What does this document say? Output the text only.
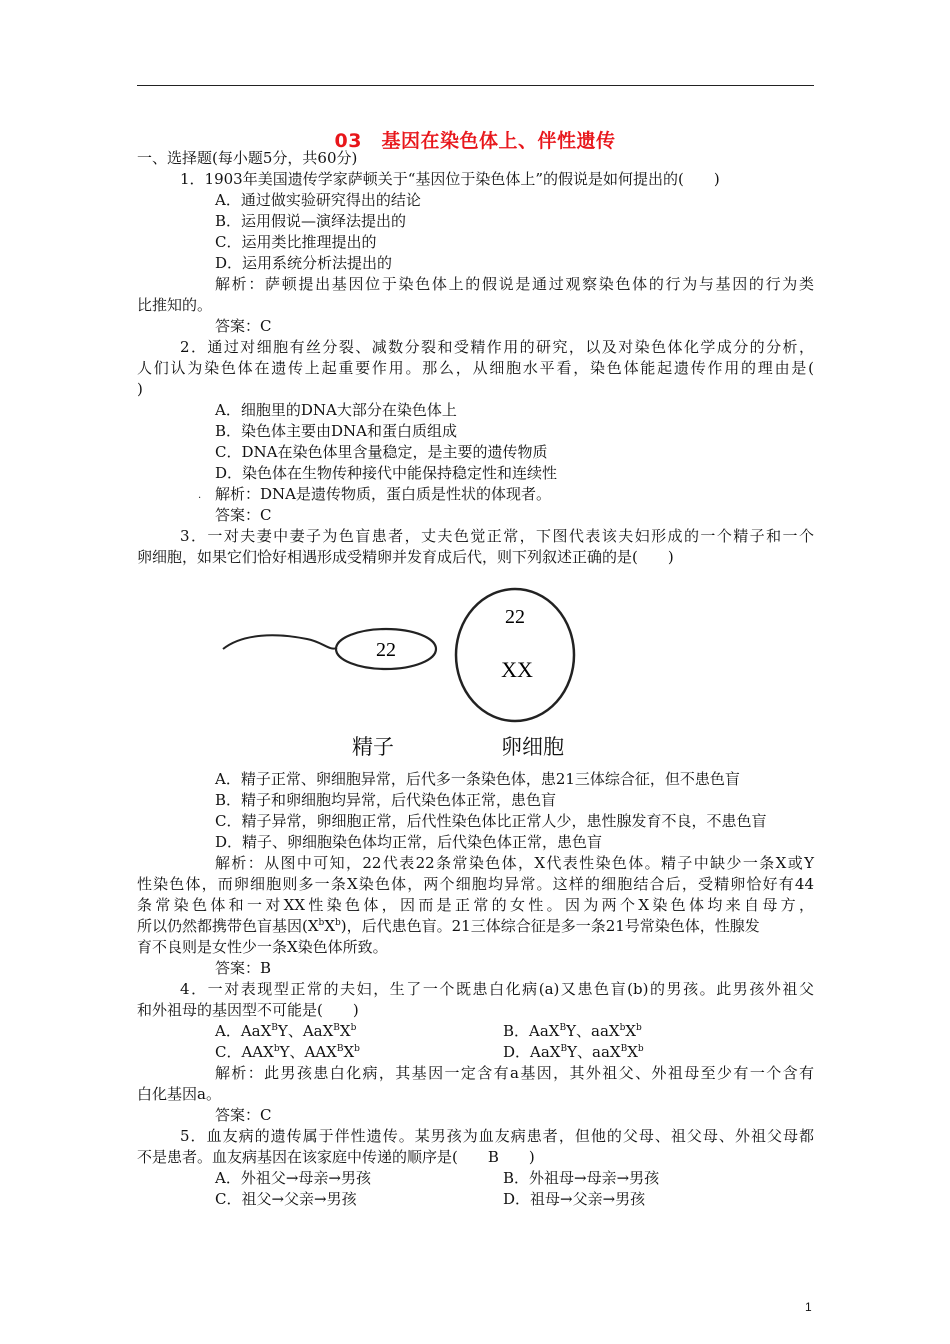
03　基因在染色体上、伴性遗传
一、选择题(每小题5分，共60分)
1．1903年美国遗传学家萨顿关于“基因位于染色体上”的假说是如何提出的(　　)
A．通过做实验研究得出的结论
B．运用假说—演绎法提出的
C．运用类比推理提出的
D．运用系统分析法提出的
解析：萨顿提出基因位于染色体上的假说是通过观察染色体的行为与基因的行为类
比推知的。
答案：C
2．通过对细胞有丝分裂、减数分裂和受精作用的研究，以及对染色体化学成分的分析，
人们认为染色体在遗传上起重要作用。那么，从细胞水平看，染色体能起遗传作用的理由是(
)
A．细胞里的DNA大部分在染色体上
B．染色体主要由DNA和蛋白质组成
C．DNA在染色体里含量稳定，是主要的遗传物质
D．染色体在生物传种接代中能保持稳定性和连续性
. 解析：DNA是遗传物质，蛋白质是性状的体现者。
答案：C
3．一对夫妻中妻子为色盲患者，丈夫色觉正常，下图代表该夫妇形成的一个精子和一个
卵细胞，如果它们恰好相遇形成受精卵并发育成后代，则下列叙述正确的是(　　)
22
22
XX
精子	卵细胞
A．精子正常、卵细胞异常，后代多一条染色体，患21三体综合征，但不患色盲
B．精子和卵细胞均异常，后代染色体正常，患色盲
C．精子异常，卵细胞正常，后代性染色体比正常人少，患性腺发育不良，不患色盲
D．精子、卵细胞染色体均正常，后代染色体正常，患色盲
解析：从图中可知，22代表22条常染色体，X代表性染色体。精子中缺少一条X或Y
性染色体，而卵细胞则多一条X染色体，两个细胞均异常。这样的细胞结合后，受精卵恰好有44
条常染色体和一对XX性染色体，因而是正常的女性。因为两个X染色体均来自母方，
所以仍然都携带色盲基因$(X^bX^b)$，后代患色盲。21三体综合征是多一条21号常染色体，性腺发
育不良则是女性少一条X染色体所致。
答案：B
4．一对表现型正常的夫妇，生了一个既患白化病(a)又患色盲(b)的男孩。此男孩外祖父
和外祖母的基因型不可能是(　　)
A．AaX$^B$Y、$AaX^BX^b$	B．AaX$^B$Y、$aaX^bX^b$
C．AAX$^b$Y、$AAX^BX^b$	D．AaX$^B$Y、$aaX^BX^b$
解析：此男孩患白化病，其基因一定含有a基因，其外祖父、外祖母至少有一个含有
白化基因a。
答案：C
5．血友病的遗传属于伴性遗传。某男孩为血友病患者，但他的父母、祖父母、外祖父母都
不是患者。血友病基因在该家庭中传递的顺序是(　　B　　)
A．外祖父→母亲→男孩	B．外祖母→母亲→男孩
C．祖父→父亲→男孩	D．祖母→父亲→男孩
1
